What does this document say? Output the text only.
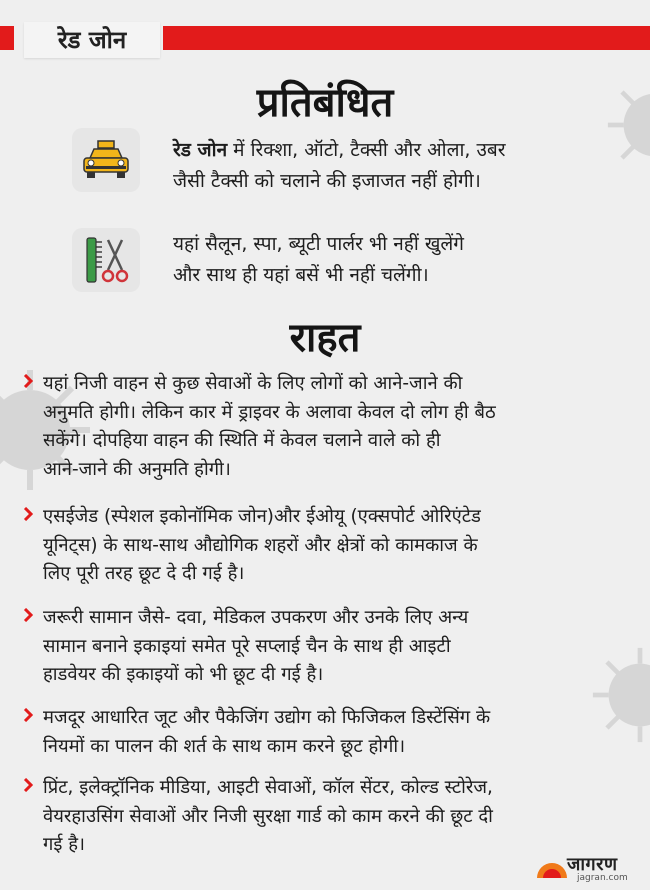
रेड जोन
प्रतिबंधित
रेड जोन में रिक्शा, ऑटो, टैक्सी और ओला, उबर
जैसी टैक्सी को चलाने की इजाजत नहीं होगी।
यहां सैलून, स्पा, ब्यूटी पार्लर भी नहीं खुलेंगे
और साथ ही यहां बसें भी नहीं चलेंगी।
राहत
यहां निजी वाहन से कुछ सेवाओं के लिए लोगों को आने-जाने की
अनुमति होगी। लेकिन कार में ड्राइवर के अलावा केवल दो लोग ही बैठ
सकेंगे। दोपहिया वाहन की स्थिति में केवल चलाने वाले को ही
आने-जाने की अनुमति होगी।
एसईजेड (स्पेशल इकोनॉमिक जोन)और ईओयू (एक्सपोर्ट ओरिएंटेड
यूनिट्स) के साथ-साथ औद्योगिक शहरों और क्षेत्रों को कामकाज के
लिए पूरी तरह छूट दे दी गई है।
जरूरी सामान जैसे- दवा, मेडिकल उपकरण और उनके लिए अन्य
सामान बनाने इकाइयां समेत पूरे सप्लाई चैन के साथ ही आइटी
हाडवेयर की इकाइयों को भी छूट दी गई है।
मजदूर आधारित जूट और पैकेजिंग उद्योग को फिजिकल डिस्टेंसिंग के
नियमों का पालन की शर्त के साथ काम करने छूट होगी।
प्रिंट, इलेक्ट्रॉनिक मीडिया, आइटी सेवाओं, कॉल सेंटर, कोल्ड स्टोरेज,
वेयरहाउसिंग सेवाओं और निजी सुरक्षा गार्ड को काम करने की छूट दी
गई है।
जागरण
jagran.com
